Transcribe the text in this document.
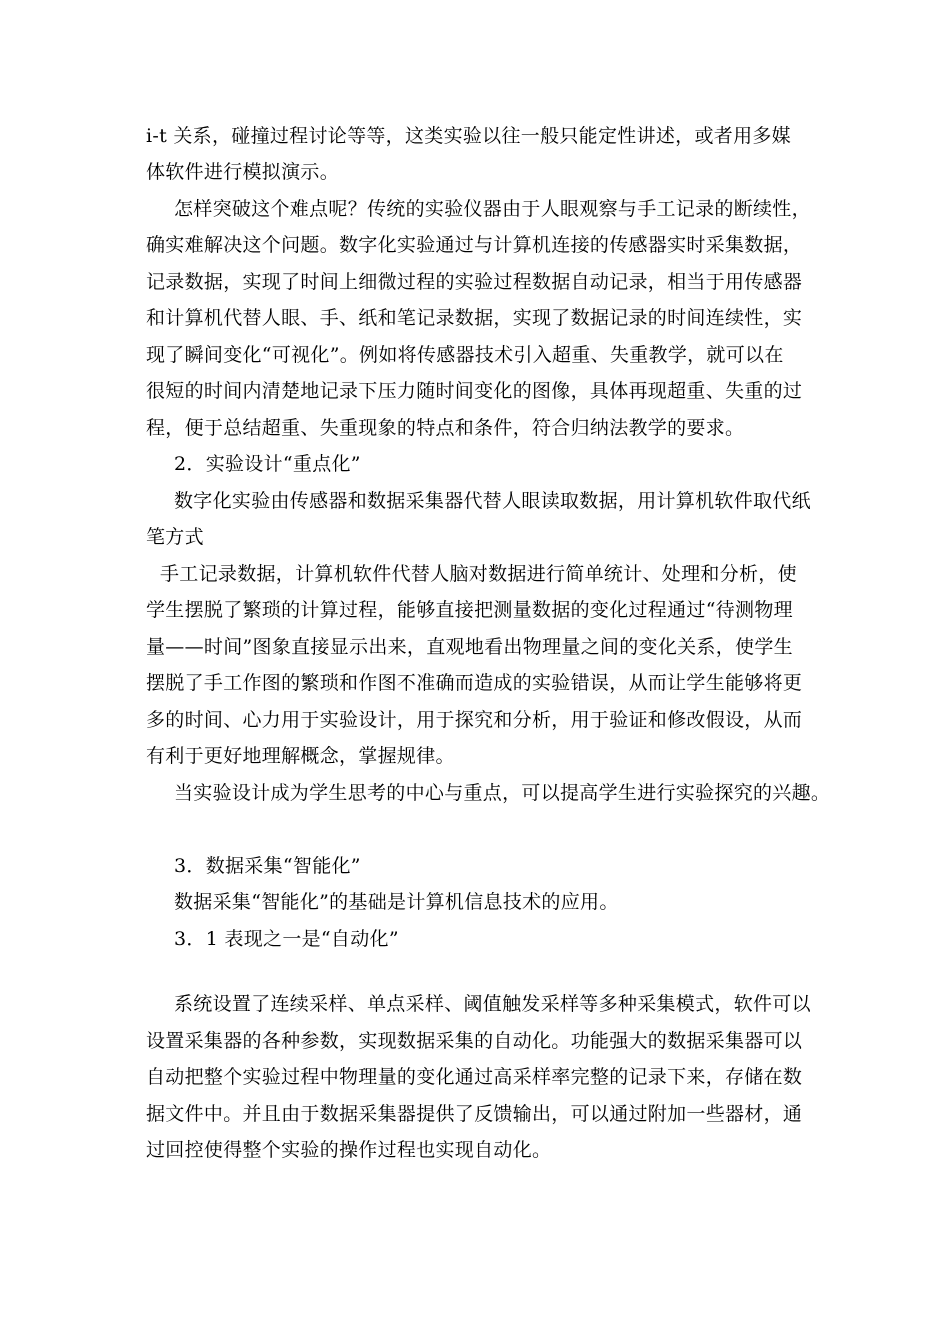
i-t 关系，碰撞过程讨论等等，这类实验以往一般只能定性讲述，或者用多媒
体软件进行模拟演示。
怎样突破这个难点呢？传统的实验仪器由于人眼观察与手工记录的断续性，
确实难解决这个问题。数字化实验通过与计算机连接的传感器实时采集数据，
记录数据，实现了时间上细微过程的实验过程数据自动记录，相当于用传感器
和计算机代替人眼、手、纸和笔记录数据，实现了数据记录的时间连续性，实
现了瞬间变化“可视化”。例如将传感器技术引入超重、失重教学，就可以在
很短的时间内清楚地记录下压力随时间变化的图像，具体再现超重、失重的过
程，便于总结超重、失重现象的特点和条件，符合归纳法教学的要求。
2．实验设计“重点化”
数字化实验由传感器和数据采集器代替人眼读取数据，用计算机软件取代纸
笔方式
手工记录数据，计算机软件代替人脑对数据进行简单统计、处理和分析，使
学生摆脱了繁琐的计算过程，能够直接把测量数据的变化过程通过“待测物理
量——时间”图象直接显示出来，直观地看出物理量之间的变化关系，使学生
摆脱了手工作图的繁琐和作图不准确而造成的实验错误，从而让学生能够将更
多的时间、心力用于实验设计，用于探究和分析，用于验证和修改假设，从而
有利于更好地理解概念，掌握规律。
当实验设计成为学生思考的中心与重点，可以提高学生进行实验探究的兴趣。
3．数据采集“智能化”
数据采集“智能化”的基础是计算机信息技术的应用。
3．1 表现之一是“自动化”
系统设置了连续采样、单点采样、阈值触发采样等多种采集模式，软件可以
设置采集器的各种参数，实现数据采集的自动化。功能强大的数据采集器可以
自动把整个实验过程中物理量的变化通过高采样率完整的记录下来，存储在数
据文件中。并且由于数据采集器提供了反馈输出，可以通过附加一些器材，通
过回控使得整个实验的操作过程也实现自动化。
